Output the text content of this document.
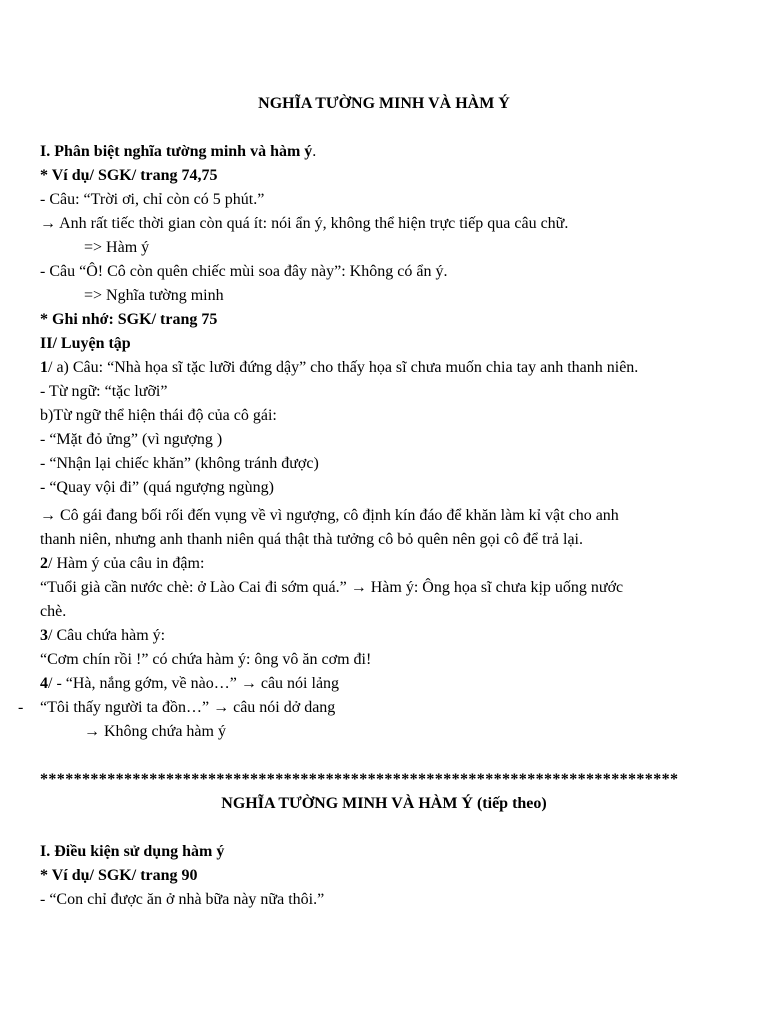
NGHĨA TƯỜNG MINH VÀ HÀM Ý
I. Phân biệt nghĩa tường minh và hàm ý.
* Ví dụ/ SGK/ trang 74,75
- Câu: “Trời ơi, chỉ còn có 5 phút.”
→ Anh rất tiếc thời gian còn quá ít: nói ẩn ý, không thể hiện trực tiếp qua câu chữ.
=> Hàm ý
- Câu “Ô! Cô còn quên chiếc mùi soa đây này”: Không có ẩn ý.
=> Nghĩa tường minh
* Ghi nhớ: SGK/ trang 75
II/ Luyện tập
1/ a) Câu: “Nhà họa sĩ tặc lưỡi đứng dậy” cho thấy họa sĩ chưa muốn chia tay anh thanh niên.
- Từ ngữ: “tặc lưỡi”
b)Từ ngữ thể hiện thái độ của cô gái:
- “Mặt đỏ ửng” (vì ngượng )
- “Nhận lại chiếc khăn” (không tránh được)
- “Quay vội đi” (quá ngượng ngùng)
→ Cô gái đang bối rối đến vụng về vì ngượng, cô định kín đáo để khăn làm kỉ vật cho anh
thanh niên, nhưng anh thanh niên quá thật thà tưởng cô bỏ quên nên gọi cô để trả lại.
2/ Hàm ý của câu in đậm:
“Tuổi già cần nước chè: ở Lào Cai đi sớm quá.” → Hàm ý: Ông họa sĩ chưa kịp uống nước
chè.
3/ Câu chứa hàm ý:
“Cơm chín rồi !” có chứa hàm ý: ông vô ăn cơm đi!
4/ - “Hà, nắng gớm, về nào…” → câu nói lảng
- “Tôi thấy người ta đồn…” → câu nói dở dang
→ Không chứa hàm ý
****************************************************************************
NGHĨA TƯỜNG MINH VÀ HÀM Ý (tiếp theo)
I. Điều kiện sử dụng hàm ý
* Ví dụ/ SGK/ trang 90
- “Con chỉ được ăn ở nhà bữa này nữa thôi.”
